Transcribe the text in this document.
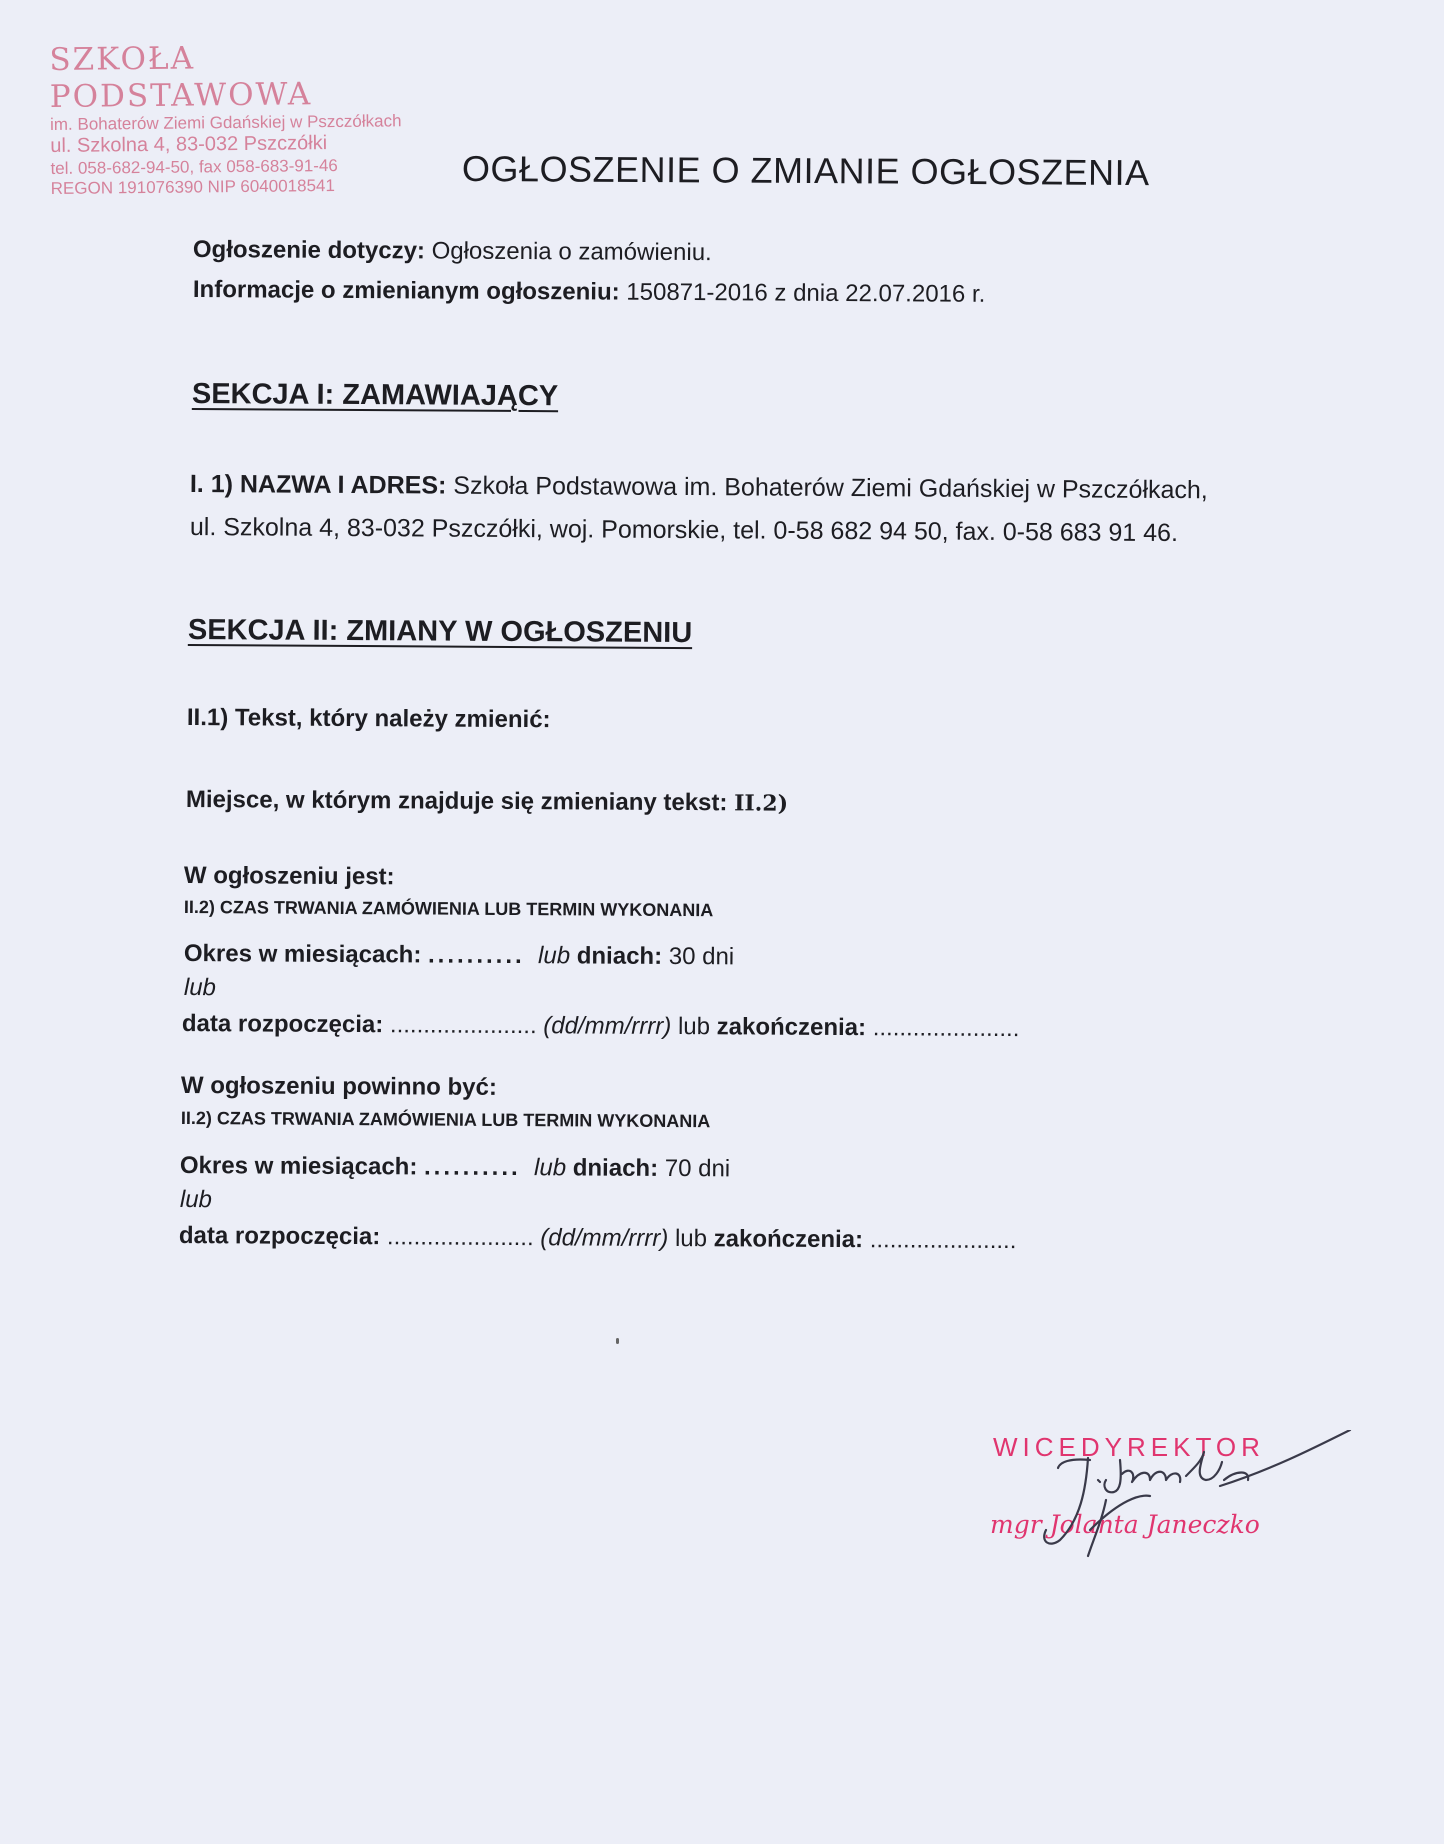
SZKOŁA PODSTAWOWA
im. Bohaterów Ziemi Gdańskiej w Pszczółkach
ul. Szkolna 4, 83-032 Pszczółki
tel. 058-682-94-50, fax 058-683-91-46
REGON 191076390 NIP 6040018541	OGŁOSZENIE O ZMIANIE OGŁOSZENIA
Ogłoszenie dotyczy: Ogłoszenia o zamówieniu.
Informacje o zmienianym ogłoszeniu: 150871-2016 z dnia 22.07.2016 r.
SEKCJA I: ZAMAWIAJĄCY
I. 1) NAZWA I ADRES: Szkoła Podstawowa im. Bohaterów Ziemi Gdańskiej w Pszczółkach,
ul. Szkolna 4, 83-032 Pszczółki, woj. Pomorskie, tel. 0-58 682 94 50, fax. 0-58 683 91 46.
SEKCJA II: ZMIANY W OGŁOSZENIU
II.1) Tekst, który należy zmienić:
Miejsce, w którym znajduje się zmieniany tekst: II.2)
W ogłoszeniu jest:
II.2) CZAS TRWANIA ZAMÓWIENIA LUB TERMIN WYKONANIA
Okres w miesiącach: .......... lub dniach: 30 dni
lub
data rozpoczęcia: ...................... (dd/mm/rrrr) lub zakończenia: ......................
W ogłoszeniu powinno być:
II.2) CZAS TRWANIA ZAMÓWIENIA LUB TERMIN WYKONANIA
Okres w miesiącach: .......... lub dniach: 70 dni
lub
data rozpoczęcia: ...................... (dd/mm/rrrr) lub zakończenia: ......................
WICEDYREKTOR
mgr Jolanta Janeczko
